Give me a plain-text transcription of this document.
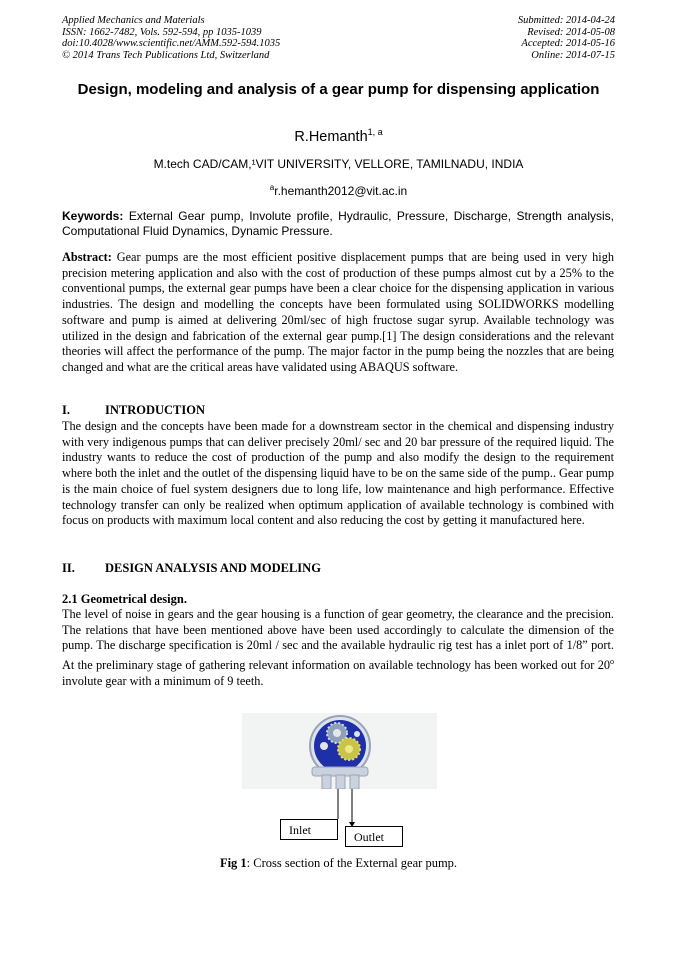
Applied Mechanics and Materials
ISSN: 1662-7482, Vols. 592-594, pp 1035-1039
doi:10.4028/www.scientific.net/AMM.592-594.1035
© 2014 Trans Tech Publications Ltd, Switzerland
Submitted: 2014-04-24
Revised: 2014-05-08
Accepted: 2014-05-16
Online: 2014-07-15
Design, modeling and analysis of a gear pump for dispensing application
R.Hemanth$^{1, a}$
M.tech CAD/CAM,¹VIT UNIVERSITY, VELLORE, TAMILNADU, INDIA
$^a$r.hemanth2012@vit.ac.in
Keywords: External Gear pump, Involute profile, Hydraulic, Pressure, Discharge, Strength analysis, Computational Fluid Dynamics, Dynamic Pressure.
Abstract: Gear pumps are the most efficient positive displacement pumps that are being used in very high precision metering application and also with the cost of production of these pumps almost cut by a 25% to the conventional pumps, the external gear pumps have been a clear choice for the dispensing application in various industries. The design and modelling the concepts have been formulated using SOLIDWORKS modelling software and pump is aimed at delivering 20ml/sec of high fructose sugar syrup. Available technology was utilized in the design and fabrication of the external gear pump.[1] The design considerations and the relevant theories will affect the performance of the pump. The major factor in the pump being the nozzles that are being changed and what are the critical areas have validated using ABAQUS software.
I.	INTRODUCTION
The design and the concepts have been made for a downstream sector in the chemical and dispensing industry with very indigenous pumps that can deliver precisely 20ml/ sec and 20 bar pressure of the required liquid. The industry wants to reduce the cost of production of the pump and also modify the design to the requirement where both the inlet and the outlet of the dispensing liquid have to be on the same side of the pump.. Gear pump is the main choice of fuel system designers due to long life, low maintenance and high performance. Effective technology transfer can only be realized when optimum application of available technology is combined with focus on products with maximum local content and also reducing the cost by getting it manufactured here.
II. DESIGN ANALYSIS AND MODELING
2.1 Geometrical design.
The level of noise in gears and the gear housing is a function of gear geometry, the clearance and the precision. The relations that have been mentioned above have been used accordingly to calculate the dimension of the pump. The discharge specification is 20ml / sec and the available hydraulic rig test has a inlet port of 1/8” port. At the preliminary stage of gathering relevant information on available technology has been worked out for 20$^o$ involute gear with a minimum of 9 teeth.
Inlet	Outlet
Fig 1: Cross section of the External gear pump.
